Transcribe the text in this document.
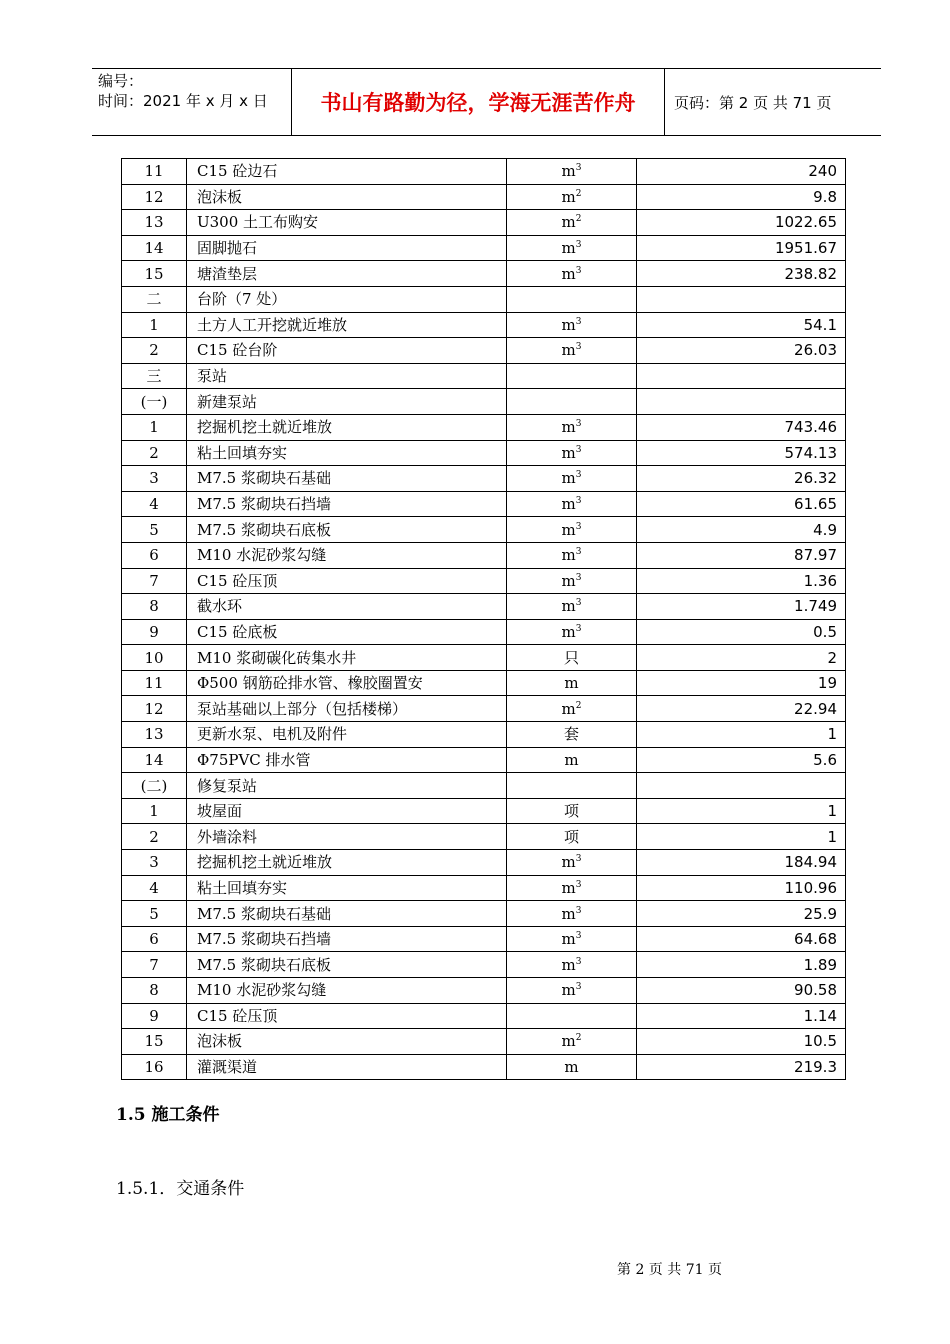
编号：
时间：2021 年 x 月 x 日	书山有路勤为径，学海无涯苦作舟	页码：第 2 页 共 71 页
11	C15 砼边石	$m^3$	240
12	泡沫板	$m^2$	9.8
13	U300 土工布购安	$m^2$	1022.65
14	固脚抛石	$m^3$	1951.67
15	塘渣垫层	$m^3$	238.82
二	台阶（7 处）		
1	土方人工开挖就近堆放	$m^3$	54.1
2	C15 砼台阶	$m^3$	26.03
三	泵站		
(一)	新建泵站		
1	挖掘机挖土就近堆放	$m^3$	743.46
2	粘土回填夯实	$m^3$	574.13
3	M7.5 浆砌块石基础	$m^3$	26.32
4	M7.5 浆砌块石挡墙	$m^3$	61.65
5	M7.5 浆砌块石底板	$m^3$	4.9
6	M10 水泥砂浆勾缝	$m^3$	87.97
7	C15 砼压顶	$m^3$	1.36
8	截水环	$m^3$	1.749
9	C15 砼底板	$m^3$	0.5
10	M10 浆砌碳化砖集水井	只	2
11	Φ500 钢筋砼排水管、橡胶圈置安	m	19
12	泵站基础以上部分（包括楼梯）	$m^2$	22.94
13	更新水泵、电机及附件	套	1
14	Φ75PVC 排水管	m	5.6
(二)	修复泵站		
1	坡屋面	项	1
2	外墙涂料	项	1
3	挖掘机挖土就近堆放	$m^3$	184.94
4	粘土回填夯实	$m^3$	110.96
5	M7.5 浆砌块石基础	$m^3$	25.9
6	M7.5 浆砌块石挡墙	$m^3$	64.68
7	M7.5 浆砌块石底板	$m^3$	1.89
8	M10 水泥砂浆勾缝	$m^3$	90.58
9	C15 砼压顶		1.14
15	泡沫板	$m^2$	10.5
16	灌溉渠道	m	219.3
1.5 施工条件
1.5.1．交通条件
第 2 页 共 71 页
